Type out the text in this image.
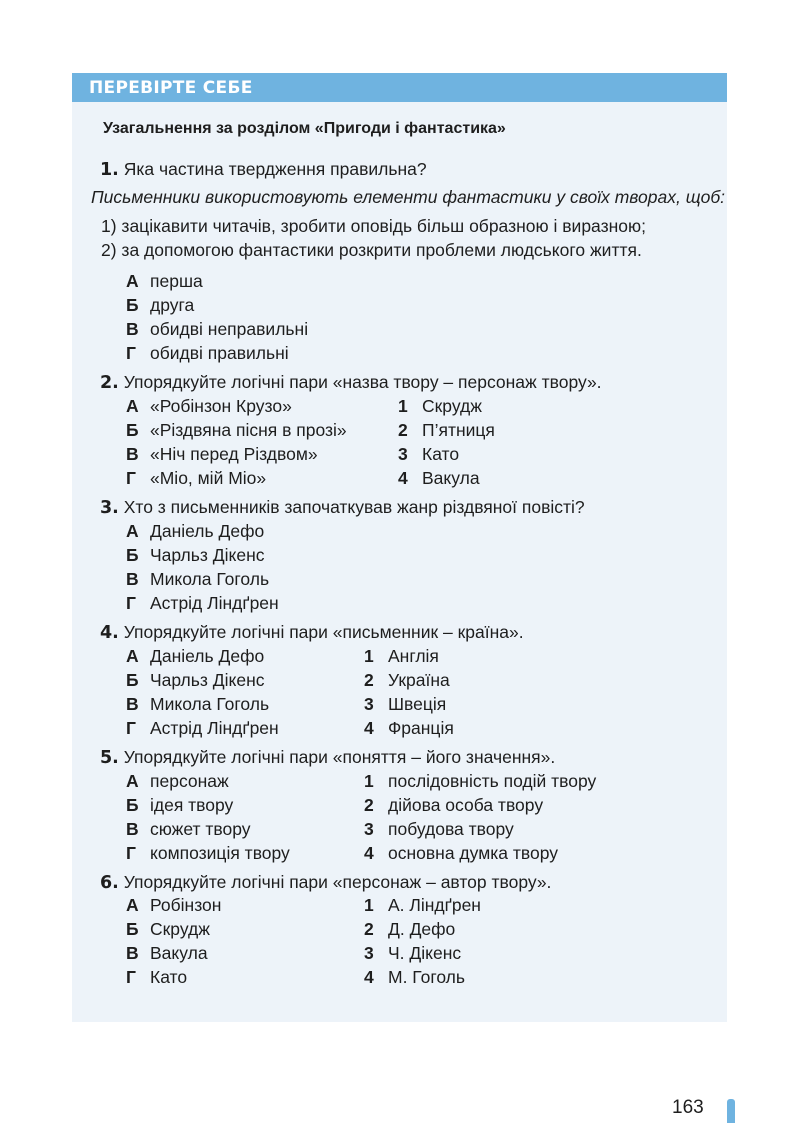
ПЕРЕВІРТЕ СЕБЕ
Узагальнення за розділом «Пригоди і фантастика»
1. Яка частина твердження правильна?
Письменники використовують елементи фантастики у своїх творах, щоб:
1) зацікавити читачів, зробити оповідь більш образною і виразною;
2) за допомогою фантастики розкрити проблеми людського життя.
А перша
Б друга
В обидві неправильні
Г обидві правильні
2. Упорядкуйте логічні пари «назва твору – персонаж твору».
А «Робінзон Крузо»
Б «Різдвяна пісня в прозі»
В «Ніч перед Різдвом»
Г «Міо, мій Міо»
1 Скрудж
2 П’ятниця
3 Като
4 Вакула
3. Хто з письменників започаткував жанр різдвяної повісті?
А Даніель Дефо
Б Чарльз Дікенс
В Микола Гоголь
Г Астрід Ліндґрен
4. Упорядкуйте логічні пари «письменник – країна».
А Даніель Дефо
Б Чарльз Дікенс
В Микола Гоголь
Г Астрід Ліндґрен
1 Англія
2 Україна
3 Швеція
4 Франція
5. Упорядкуйте логічні пари «поняття – його значення».
А персонаж
Б ідея твору
В сюжет твору
Г композиція твору
1 послідовність подій твору
2 дійова особа твору
3 побудова твору
4 основна думка твору
6. Упорядкуйте логічні пари «персонаж – автор твору».
А Робінзон
Б Скрудж
В Вакула
Г Като
1 А. Ліндґрен
2 Д. Дефо
3 Ч. Дікенс
4 М. Гоголь
163
